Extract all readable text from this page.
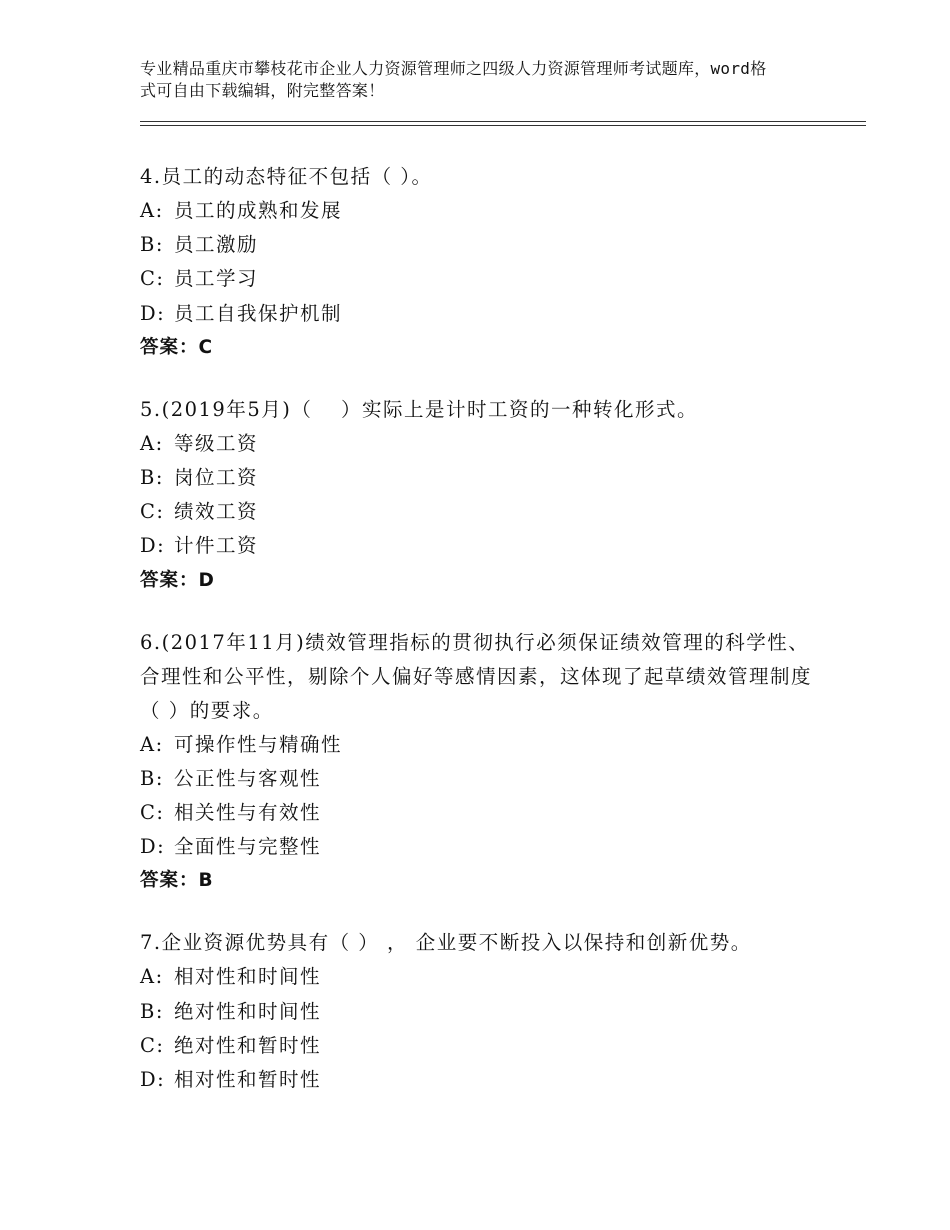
专业精品重庆市攀枝花市企业人力资源管理师之四级人力资源管理师考试题库，word格式可自由下载编辑，附完整答案！
4.员工的动态特征不包括（ ）。
A: 员工的成熟和发展
B: 员工激励
C: 员工学习
D: 员工自我保护机制
答案：C
5.(2019年5月)（　 ）实际上是计时工资的一种转化形式。
A: 等级工资
B: 岗位工资
C: 绩效工资
D: 计件工资
答案：D
6.(2017年11月)绩效管理指标的贯彻执行必须保证绩效管理的科学性、合理性和公平性，剔除个人偏好等感情因素，这体现了起草绩效管理制度（ ）的要求。
A: 可操作性与精确性
B: 公正性与客观性
C: 相关性与有效性
D: 全面性与完整性
答案：B
7.企业资源优势具有（ ） ， 企业要不断投入以保持和创新优势。
A: 相对性和时间性
B: 绝对性和时间性
C: 绝对性和暂时性
D: 相对性和暂时性
